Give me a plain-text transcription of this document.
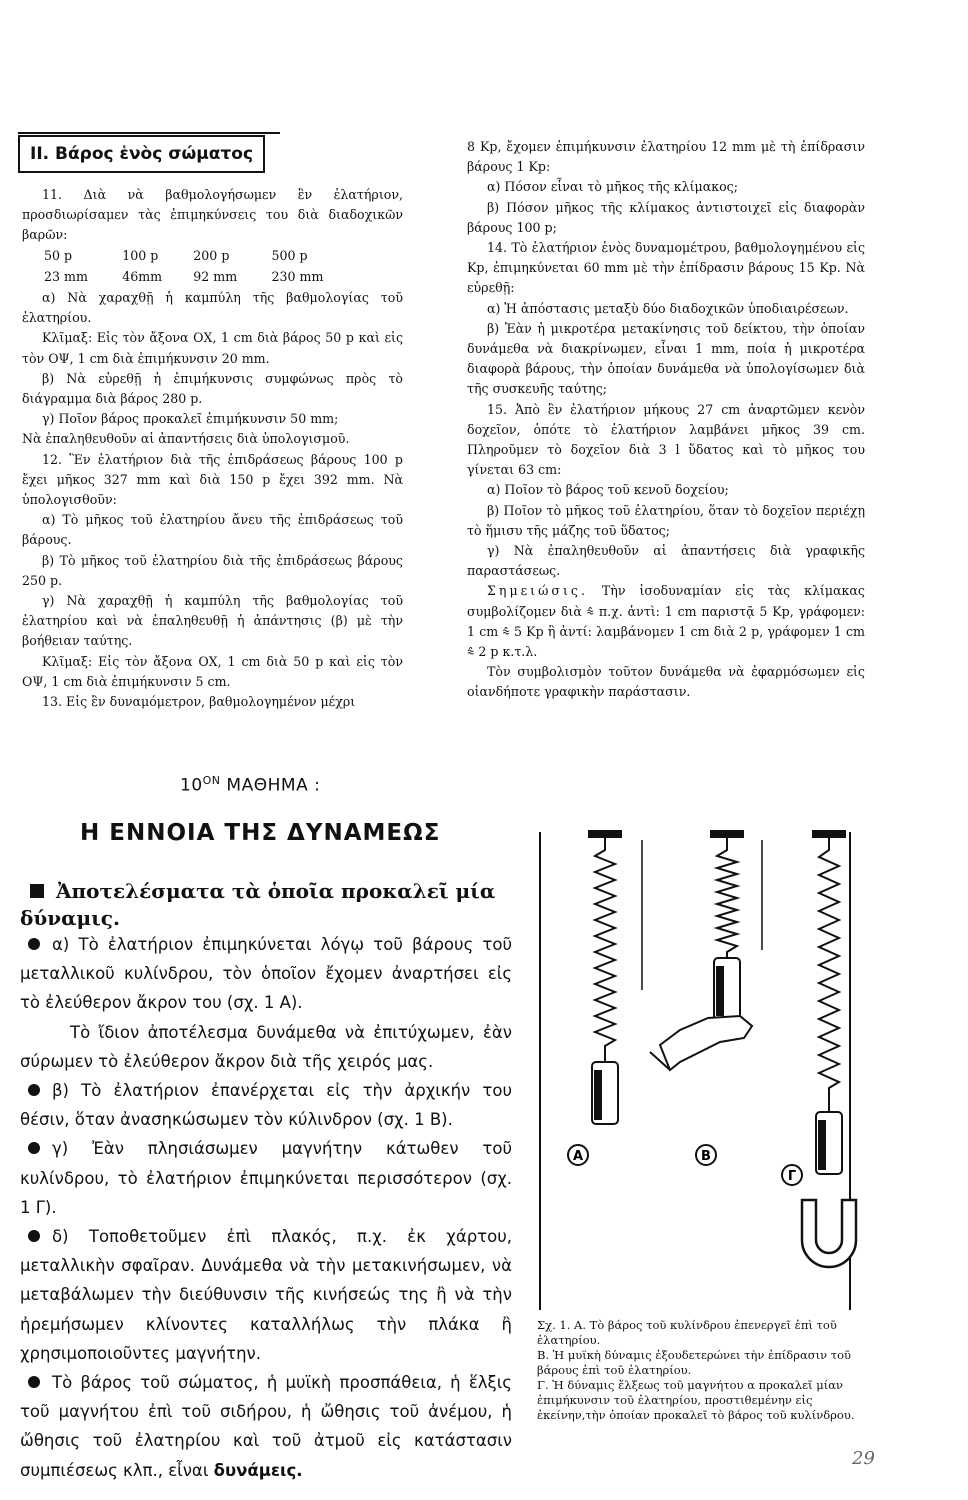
ΙΙ. Βάρος ἑνὸς σώματος

11. Διὰ νὰ βαθμολογήσωμεν ἓν ἐλατήριον, προσδιωρίσαμεν τὰς ἐπιμηκύνσεις του διὰ διαδοχικῶν βαρῶν:

50 p	100 p	200 p	500 p
23 mm	46mm	92 mm	230 mm

α) Νὰ χαραχθῇ ἡ καμπύλη τῆς βαθμολογίας τοῦ ἐλατηρίου.

Κλῖμαξ: Εἰς τὸν ἄξονα ΟΧ, 1 cm διὰ βάρος 50 p καὶ εἰς τὸν ΟΨ, 1 cm διὰ ἐπιμήκυνσιν 20 mm.

β) Νὰ εὑρεθῇ ἡ ἐπιμήκυνσις συμφώνως πρὸς τὸ διάγραμμα διὰ βάρος 280 p.

γ) Ποῖον βάρος προκαλεῖ ἐπιμήκυνσιν 50 mm;

Νὰ ἐπαληθευθοῦν αἱ ἀπαντήσεις διὰ ὑπολογισμοῦ.

12. Ἓν ἐλατήριον διὰ τῆς ἐπιδράσεως βάρους 100 p ἔχει μῆκος 327 mm καὶ διὰ 150 p ἔχει 392 mm. Νὰ ὑπολογισθοῦν:

α) Τὸ μῆκος τοῦ ἐλατηρίου ἄνευ τῆς ἐπιδράσεως τοῦ βάρους.

β) Τὸ μῆκος τοῦ ἐλατηρίου διὰ τῆς ἐπιδράσεως βάρους 250 p.

γ) Νὰ χαραχθῇ ἡ καμπύλη τῆς βαθμολογίας τοῦ ἐλατηρίου καὶ νὰ ἐπαληθευθῇ ἡ ἀπάντησις (β) μὲ τὴν βοήθειαν ταύτης.

Κλῖμαξ: Εἰς τὸν ἄξονα ΟΧ, 1 cm διὰ 50 p καὶ εἰς τὸν ΟΨ, 1 cm διὰ ἐπιμήκυνσιν 5 cm.

13. Εἰς ἓν δυναμόμετρον, βαθμολογημένον μέχρι

8 Kp, ἔχομεν ἐπιμήκυνσιν ἐλατηρίου 12 mm μὲ τὴ ἐπίδρασιν βάρους 1 Kp:

α) Πόσον εἶναι τὸ μῆκος τῆς κλίμακος;

β) Πόσον μῆκος τῆς κλίμακος ἀντιστοιχεῖ εἰς διαφορὰν βάρους 100 p;

14. Τὸ ἐλατήριον ἑνὸς δυναμομέτρου, βαθμολογημένου εἰς Kp, ἐπιμηκύνεται 60 mm μὲ τὴν ἐπίδρασιν βάρους 15 Kp. Νὰ εὑρεθῇ:

α) Ἡ ἀπόστασις μεταξὺ δύο διαδοχικῶν ὑποδιαιρέσεων.

β) Ἐὰν ἡ μικροτέρα μετακίνησις τοῦ δείκτου, τὴν ὁποίαν δυνάμεθα νὰ διακρίνωμεν, εἶναι 1 mm, ποία ἡ μικροτέρα διαφορὰ βάρους, τὴν ὁποίαν δυνάμεθα νὰ ὑπολογίσωμεν διὰ τῆς συσκευῆς ταύτης;

15. Ἀπὸ ἓν ἐλατήριον μήκους 27 cm ἀναρτῶμεν κενὸν δοχεῖον, ὁπότε τὸ ἐλατήριον λαμβάνει μῆκος 39 cm. Πληροῦμεν τὸ δοχεῖον διὰ 3 l ὕδατος καὶ τὸ μῆκος του γίνεται 63 cm:

α) Ποῖον τὸ βάρος τοῦ κενοῦ δοχείου;

β) Ποῖον τὸ μῆκος τοῦ ἐλατηρίου, ὅταν τὸ δοχεῖον περιέχῃ τὸ ἥμισυ τῆς μάζης τοῦ ὕδατος;

γ) Νὰ ἐπαληθευθοῦν αἱ ἀπαντήσεις διὰ γραφικῆς παραστάσεως.

Σημειώσις. Τὴν ἰσοδυναμίαν εἰς τὰς κλίμακας συμβολίζομεν διὰ ⩯ π.χ. ἀντὶ: 1 cm παριστᾷ 5 Kp, γράφομεν: 1 cm ⩯ 5 Kp ἢ ἀντί: λαμβάνομεν 1 cm διὰ 2 p, γράφομεν 1 cm ⩯ 2 p κ.τ.λ.

Τὸν συμβολισμὸν τοῦτον δυνάμεθα νὰ ἐφαρμόσωμεν εἰς οἱανδήποτε γραφικὴν παράστασιν.

$10^{ON}$ ΜΑΘΗΜΑ :
Η ΕΝΝΟΙΑ ΤΗΣ ΔΥΝΑΜΕΩΣ
Ἀποτελέσματα τὰ ὁποῖα προκαλεῖ μία δύναμις.

α) Τὸ ἐλατήριον ἐπιμηκύνεται λόγῳ τοῦ βάρους τοῦ μεταλλικοῦ κυλίνδρου, τὸν ὁποῖον ἔχομεν ἀναρτήσει εἰς τὸ ἐλεύθερον ἄκρον του (σχ. 1 Α).

Τὸ ἴδιον ἀποτέλεσμα δυνάμεθα νὰ ἐπιτύχωμεν, ἐὰν σύρωμεν τὸ ἐλεύθερον ἄκρον διὰ τῆς χειρός μας.

β) Τὸ ἐλατήριον ἐπανέρχεται εἰς τὴν ἀρχικήν του θέσιν, ὅταν ἀνασηκώσωμεν τὸν κύλινδρον (σχ. 1 Β).

γ) Ἐὰν πλησιάσωμεν μαγνήτην κάτωθεν τοῦ κυλίνδρου, τὸ ἐλατήριον ἐπιμηκύνεται περισσότερον (σχ. 1 Γ).

δ) Τοποθετοῦμεν ἐπὶ πλακός, π.χ. ἐκ χάρτου, μεταλλικὴν σφαῖραν. Δυνάμεθα νὰ τὴν μετακινήσωμεν, νὰ μεταβάλωμεν τὴν διεύθυνσιν τῆς κινήσεώς της ἢ νὰ τὴν ἠρεμήσωμεν κλίνοντες καταλλήλως τὴν πλάκα ἢ χρησιμοποιοῦντες μαγνήτην.

Τὸ βάρος τοῦ σώματος, ἡ μυϊκὴ προσπάθεια, ἡ ἕλξις τοῦ μαγνήτου ἐπὶ τοῦ σιδήρου, ἡ ὤθησις τοῦ ἀνέμου, ἡ ὤθησις τοῦ ἐλατηρίου καὶ τοῦ ἀτμοῦ εἰς κατάστασιν συμπιέσεως κλπ., εἶναι δυνάμεις.

A	B
Γ

Σχ. 1. Α. Τὸ βάρος τοῦ κυλίνδρου ἐπενεργεῖ ἐπὶ τοῦ ἐλατηρίου.

Β. Ἡ μυϊκὴ δύναμις ἐξουδετερώνει τὴν ἐπίδρασιν τοῦ βάρους ἐπὶ τοῦ ἐλατηρίου.

Γ. Ἡ δύναμις ἕλξεως τοῦ μαγνήτου α προκαλεῖ μίαν ἐπιμήκυνσιν τοῦ ἐλατηρίου, προστιθεμένην εἰς ἐκείνην,τὴν ὁποίαν προκαλεῖ τὸ βάρος τοῦ κυλίνδρου.

29
